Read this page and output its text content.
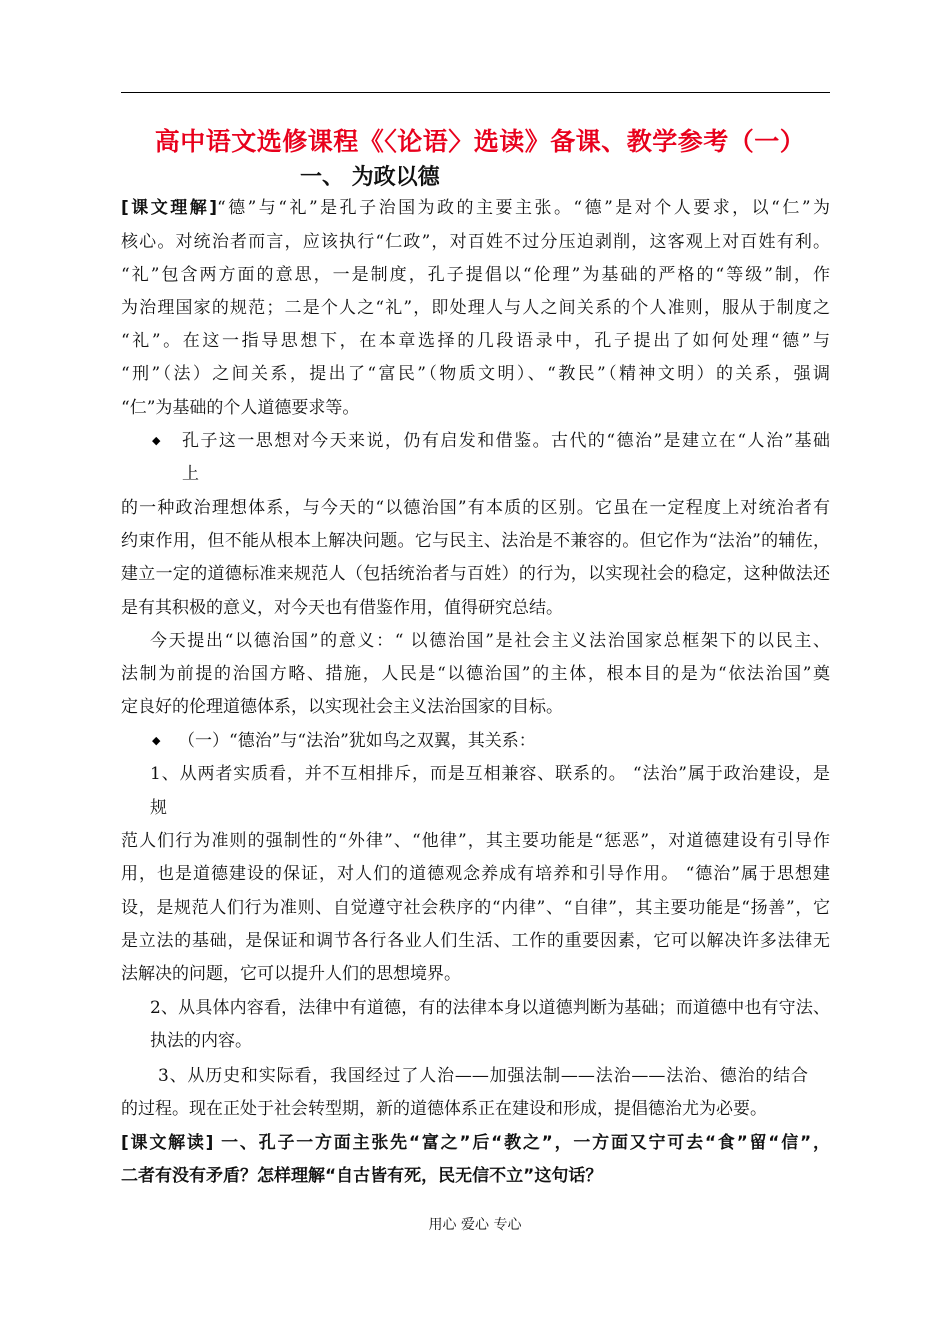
高中语文选修课程《〈论语〉选读》备课、教学参考（一）
一、 为政以德
[课文理解]“德”与“礼”是孔子治国为政的主要主张。“德”是对个人要求，以“仁”为
核心。对统治者而言，应该执行“仁政”，对百姓不过分压迫剥削，这客观上对百姓有利。
“礼”包含两方面的意思，一是制度，孔子提倡以“伦理”为基础的严格的“等级”制，作
为治理国家的规范；二是个人之“礼”，即处理人与人之间关系的个人准则，服从于制度之
“礼”。在这一指导思想下，在本章选择的几段语录中，孔子提出了如何处理“德”与
“刑”（法）之间关系，提出了“富民”（物质文明）、“教民”（精神文明）的关系，强调
“仁”为基础的个人道德要求等。
◆ 孔子这一思想对今天来说，仍有启发和借鉴。古代的“德治”是建立在“人治”基础
上
的一种政治理想体系，与今天的“以德治国”有本质的区别。它虽在一定程度上对统治者有
约束作用，但不能从根本上解决问题。它与民主、法治是不兼容的。但它作为“法治”的辅佐，
建立一定的道德标准来规范人（包括统治者与百姓）的行为，以实现社会的稳定，这种做法还
是有其积极的意义，对今天也有借鉴作用，值得研究总结。
今天提出“以德治国”的意义：“ 以德治国”是社会主义法治国家总框架下的以民主、
法制为前提的治国方略、措施，人民是“以德治国”的主体，根本目的是为“依法治国”奠
定良好的伦理道德体系，以实现社会主义法治国家的目标。
◆ （一）“德治”与“法治”犹如鸟之双翼，其关系：
1、从两者实质看，并不互相排斥，而是互相兼容、联系的。 “法治”属于政治建设，是
规
范人们行为准则的强制性的“外律”、“他律”，其主要功能是“惩恶”，对道德建设有引导作
用，也是道德建设的保证，对人们的道德观念养成有培养和引导作用。 “德治”属于思想建
设，是规范人们行为准则、自觉遵守社会秩序的“内律”、“自律”，其主要功能是“扬善”，它
是立法的基础，是保证和调节各行各业人们生活、工作的重要因素，它可以解决许多法律无
法解决的问题，它可以提升人们的思想境界。
2、从具体内容看，法律中有道德，有的法律本身以道德判断为基础；而道德中也有守法、
执法的内容。
3、从历史和实际看，我国经过了人治——加强法制——法治——法治、德治的结合
的过程。现在正处于社会转型期，新的道德体系正在建设和形成，提倡德治尤为必要。
[课文解读] 一、孔子一方面主张先“富之”后“教之”，一方面又宁可去“食”留“信”，
二者有没有矛盾？怎样理解“自古皆有死，民无信不立”这句话？
用心 爱心 专心
